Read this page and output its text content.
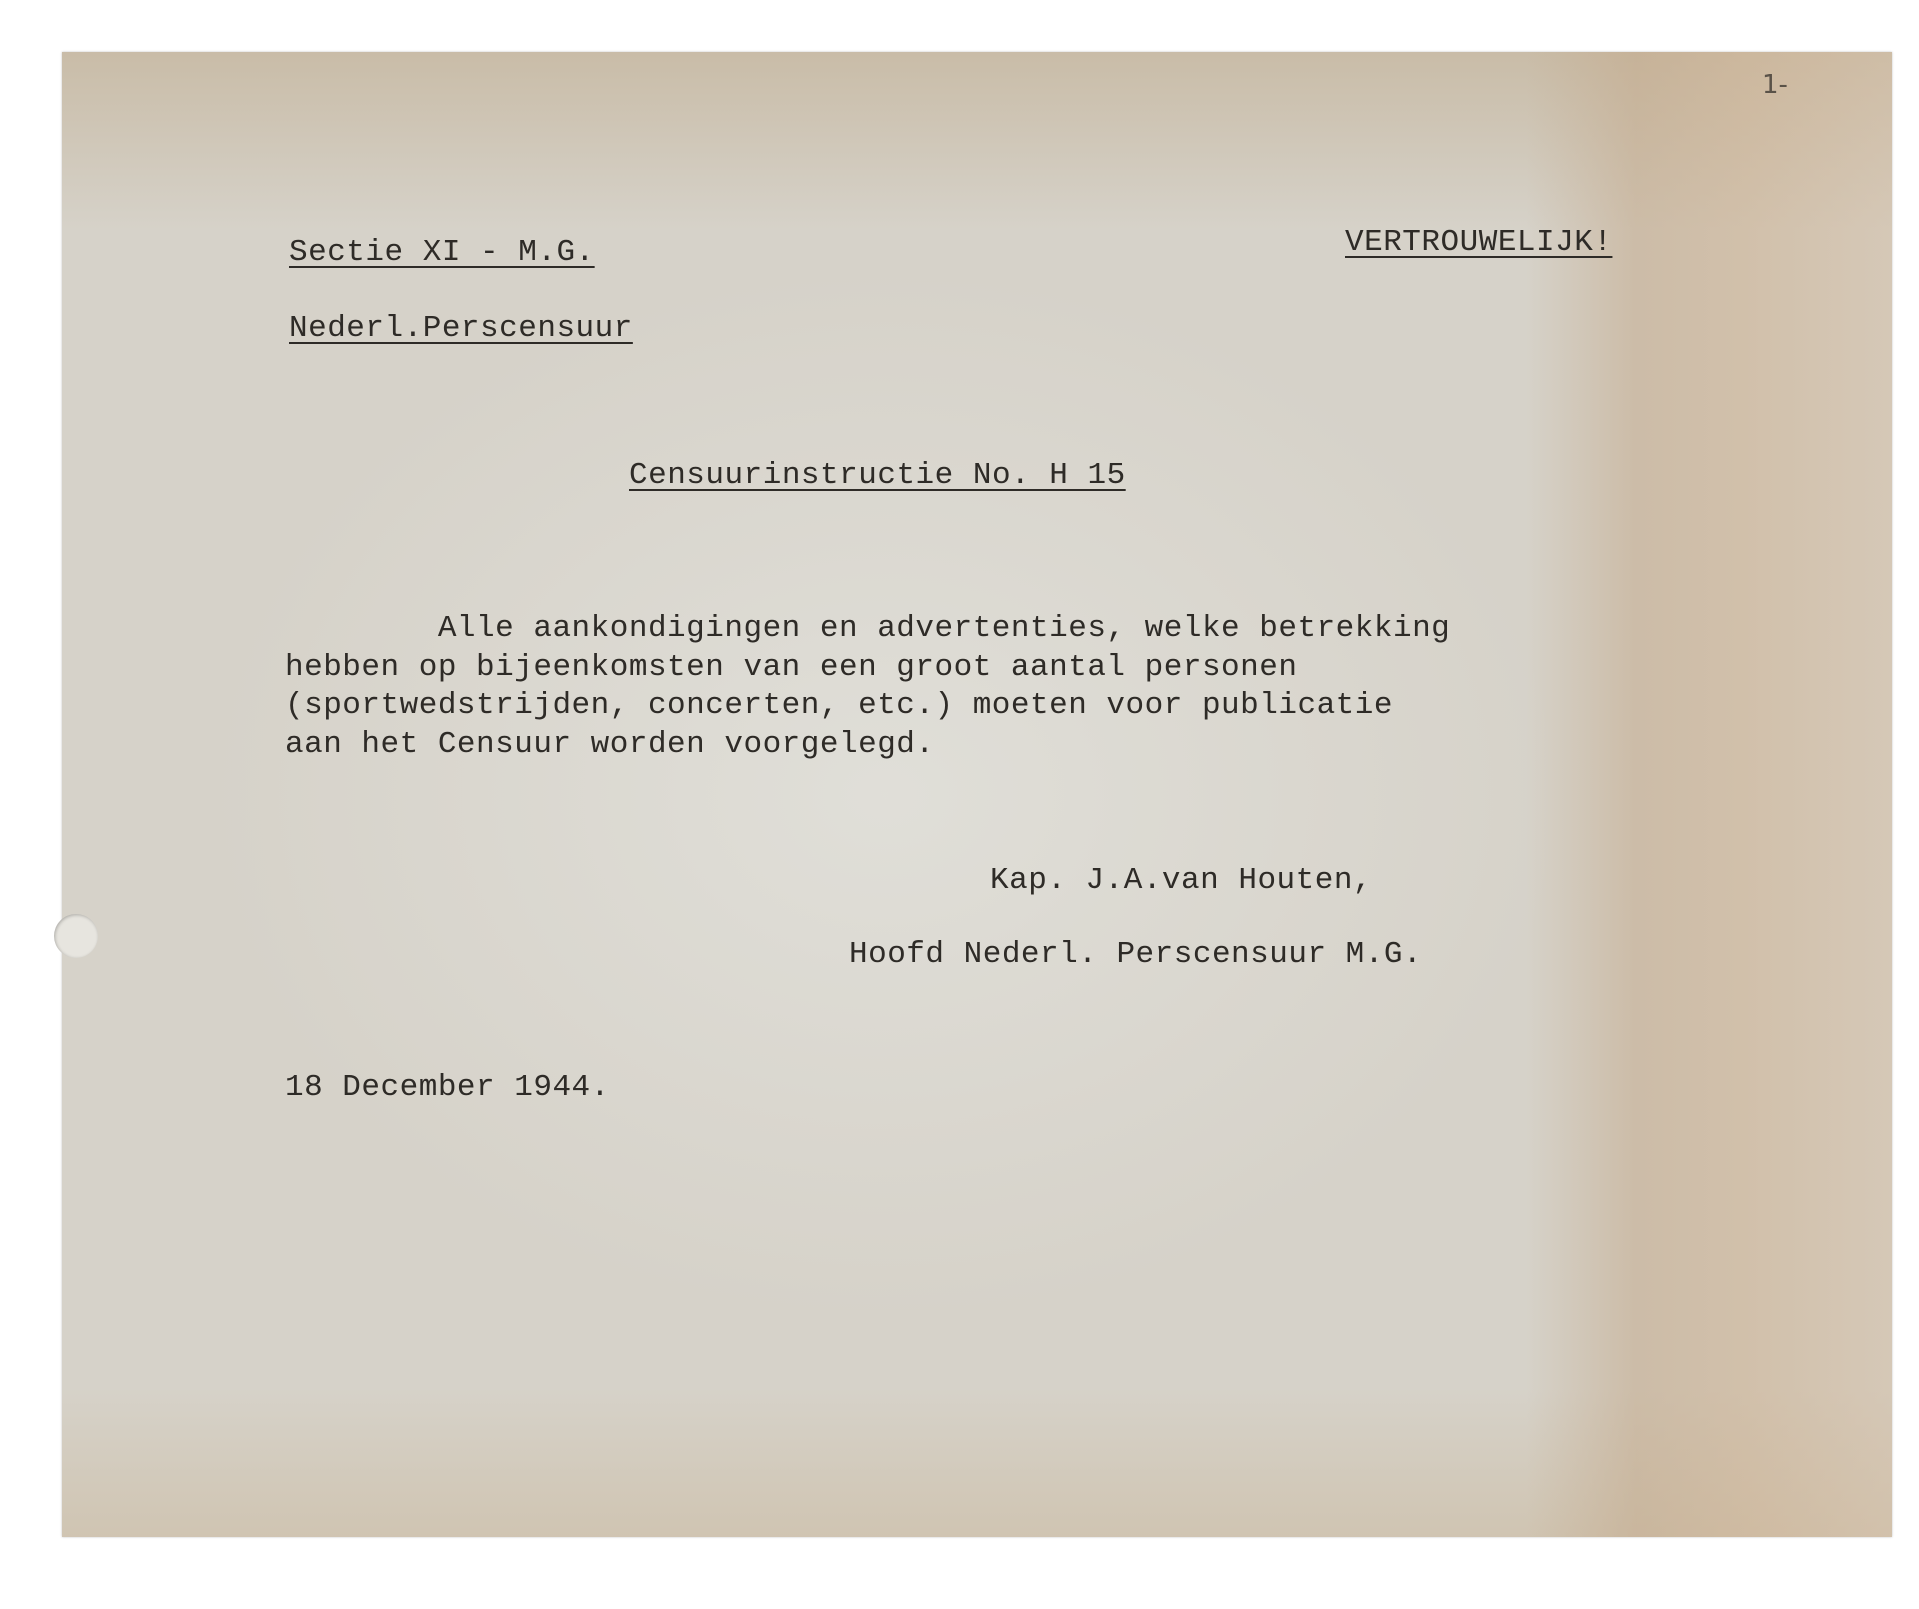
1-
Sectie XI - M.G.
Nederl.Perscensuur
VERTROUWELIJK!
Censuurinstructie No. H 15
Alle aankondigingen en advertenties, welke betrekking
hebben op bijeenkomsten van een groot aantal personen
(sportwedstrijden, concerten, etc.) moeten voor publicatie
aan het Censuur worden voorgelegd.
Kap. J.A.van Houten,
Hoofd Nederl. Perscensuur M.G.
18 December 1944.
